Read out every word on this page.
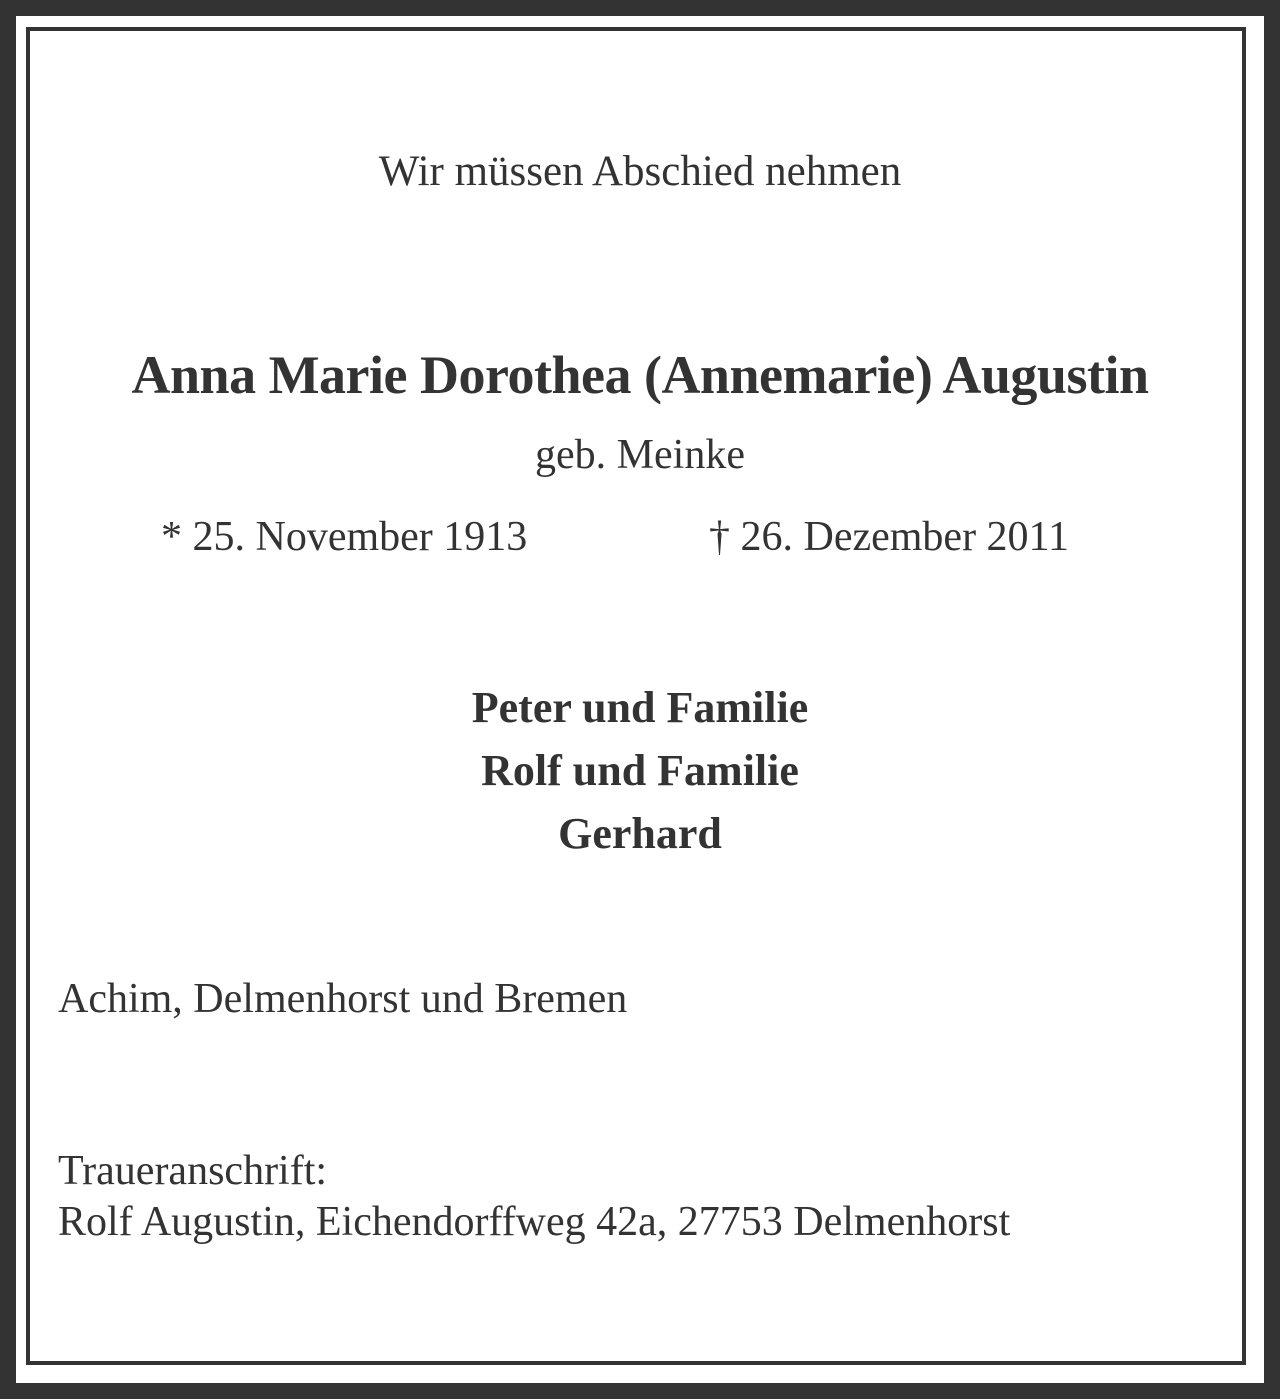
Wir müssen Abschied nehmen

Anna Marie Dorothea (Annemarie) Augustin

geb. Meinke

* 25. November 1913	† 26. Dezember 2011

Peter und Familie

Rolf und Familie

Gerhard

Achim, Delmenhorst und Bremen

Traueranschrift:

Rolf Augustin, Eichendorffweg 42a, 27753 Delmenhorst
